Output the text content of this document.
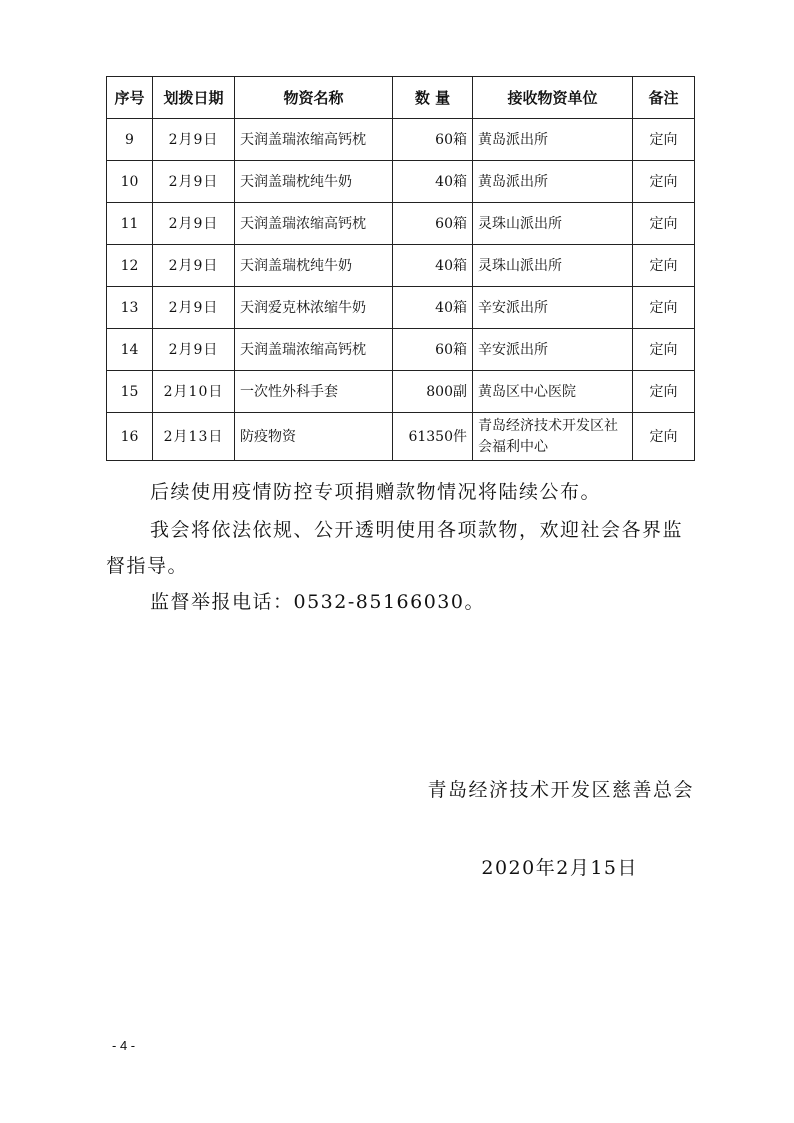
序号	划拨日期	物资名称	数 量	接收物资单位	备注
9	2月9日	天润盖瑞浓缩高钙枕	60箱	黄岛派出所	定向
10	2月9日	天润盖瑞枕纯牛奶	40箱	黄岛派出所	定向
11	2月9日	天润盖瑞浓缩高钙枕	60箱	灵珠山派出所	定向
12	2月9日	天润盖瑞枕纯牛奶	40箱	灵珠山派出所	定向
13	2月9日	天润爱克林浓缩牛奶	40箱	辛安派出所	定向
14	2月9日	天润盖瑞浓缩高钙枕	60箱	辛安派出所	定向
15	2月10日	一次性外科手套	800副	黄岛区中心医院	定向
16	2月13日	防疫物资	61350件	青岛经济技术开发区社会福利中心	定向

后续使用疫情防控专项捐赠款物情况将陆续公布。

我会将依法依规、公开透明使用各项款物，欢迎社会各界监督指导。

监督举报电话：0532-85166030。

青岛经济技术开发区慈善总会
2020年2月15日
- 4 -
